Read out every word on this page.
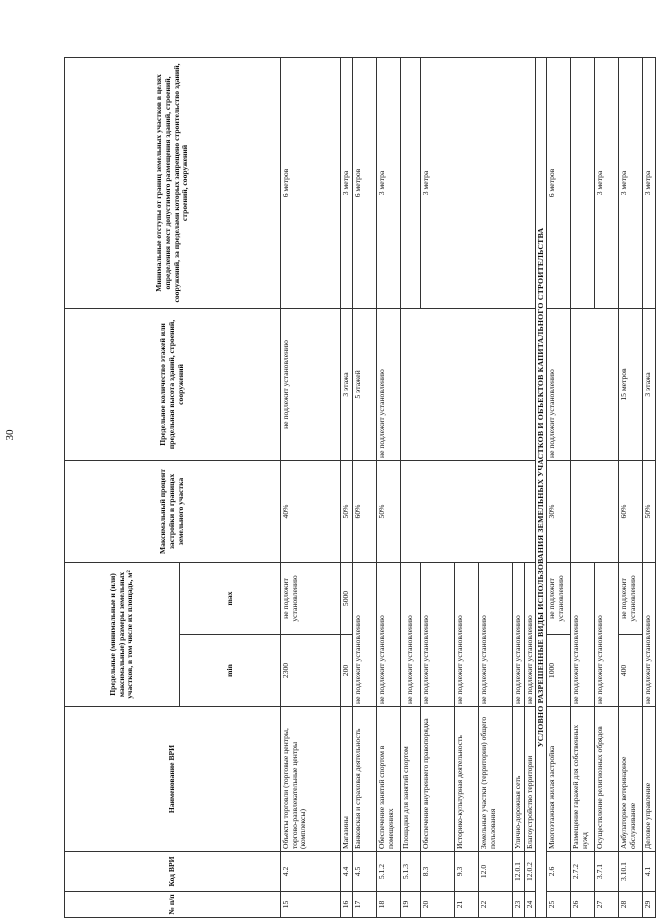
30
№ п/п	Код ВРИ	Наименование ВРИ	Предельные (минимальные и (или) максимальные) размеры земельных участков, в том числе их площадь, м²		Максимальный процент застройки в границах земельного участка	Предельное количество этажей или предельная высота зданий, строений, сооружений	Минимальные отступы от границ земельных участков в целях определения мест допустимого размещения зданий, строений, сооружений, за пределами которых запрещено строительство зданий, строений, сооружений
			min	max			
15	4.2	Объекты торговли (торговые центры, торгово-развлекательные центры (комплексы)	2300	не подлежит установлению	40%	не подлежит установлению	6 метров
16	4.4	Магазины	200	5000	50%	3 этажа	3 метра
17	4.5	Банковская и страховая деятельность	не подлежит установлению		60%	5 этажей	6 метров
18	5.1.2	Обеспечение занятий спортом в помещениях	не подлежит установлению		50%	не подлежит установлению	3 метра
19	5.1.3	Площадки для занятий спортом	не подлежит установлению				
20	8.3	Обеспечение внутреннего правопорядка	не подлежит установлению				3 метра
21	9.3	Историко-культурная деятельность	не подлежит установлению				
22	12.0	Земельные участки (территории) общего пользования	не подлежит установлению				
23	12.0.1	Улично-дорожная сеть	не подлежит установлению				
24	12.0.2	Благоустройство территории	не подлежит установлению				
УСЛОВНО РАЗРЕШЕННЫЕ ВИДЫ ИСПОЛЬЗОВАНИЯ ЗЕМЕЛЬНЫХ УЧАСТКОВ И ОБЪЕКТОВ КАПИТАЛЬНОГО СТРОИТЕЛЬСТВА							
25	2.6	Многоэтажная жилая застройка	1000	не подлежит установлению	30%	не подлежит установлению	6 метров
26	2.7.2	Размещение гаражей для собственных нужд	не подлежит установлению				
27	3.7.1	Осуществление религиозных обрядов	не подлежит установлению				3 метра
28	3.10.1	Амбулаторное ветеринарное обслуживание	400	не подлежит установлению	60%	15 метров	3 метра
29	4.1	Деловое управление	не подлежит установлению		50%	3 этажа	3 метра
